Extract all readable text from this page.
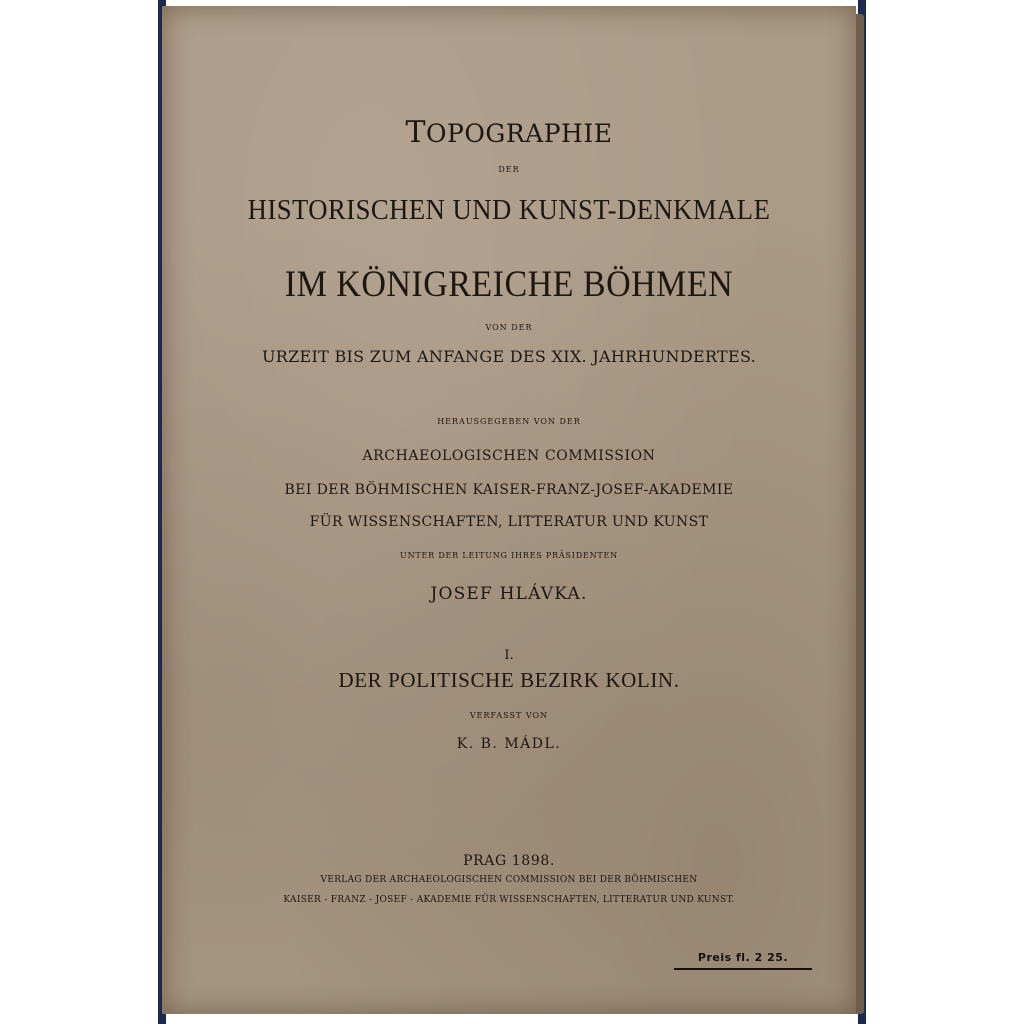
TOPOGRAPHIE
DER
HISTORISCHEN UND KUNST-DENKMALE
IM KÖNIGREICHE BÖHMEN
VON DER
URZEIT BIS ZUM ANFANGE DES XIX. JAHRHUNDERTES.
HERAUSGEGEBEN VON DER
ARCHAEOLOGISCHEN COMMISSION
BEI DER BÖHMISCHEN KAISER-FRANZ-JOSEF-AKADEMIE
FÜR WISSENSCHAFTEN, LITTERATUR UND KUNST
UNTER DER LEITUNG IHRES PRÄSIDENTEN
JOSEF HLÁVKA.
I.
DER POLITISCHE BEZIRK KOLIN.
VERFASST VON
K. B. MÁDL.
PRAG 1898.
VERLAG DER ARCHAEOLOGISCHEN COMMISSION BEI DER BÖHMISCHEN
KAISER - FRANZ - JOSEF - AKADEMIE FÜR WISSENSCHAFTEN, LITTERATUR UND KUNST.
Preis fl. 2 25.
